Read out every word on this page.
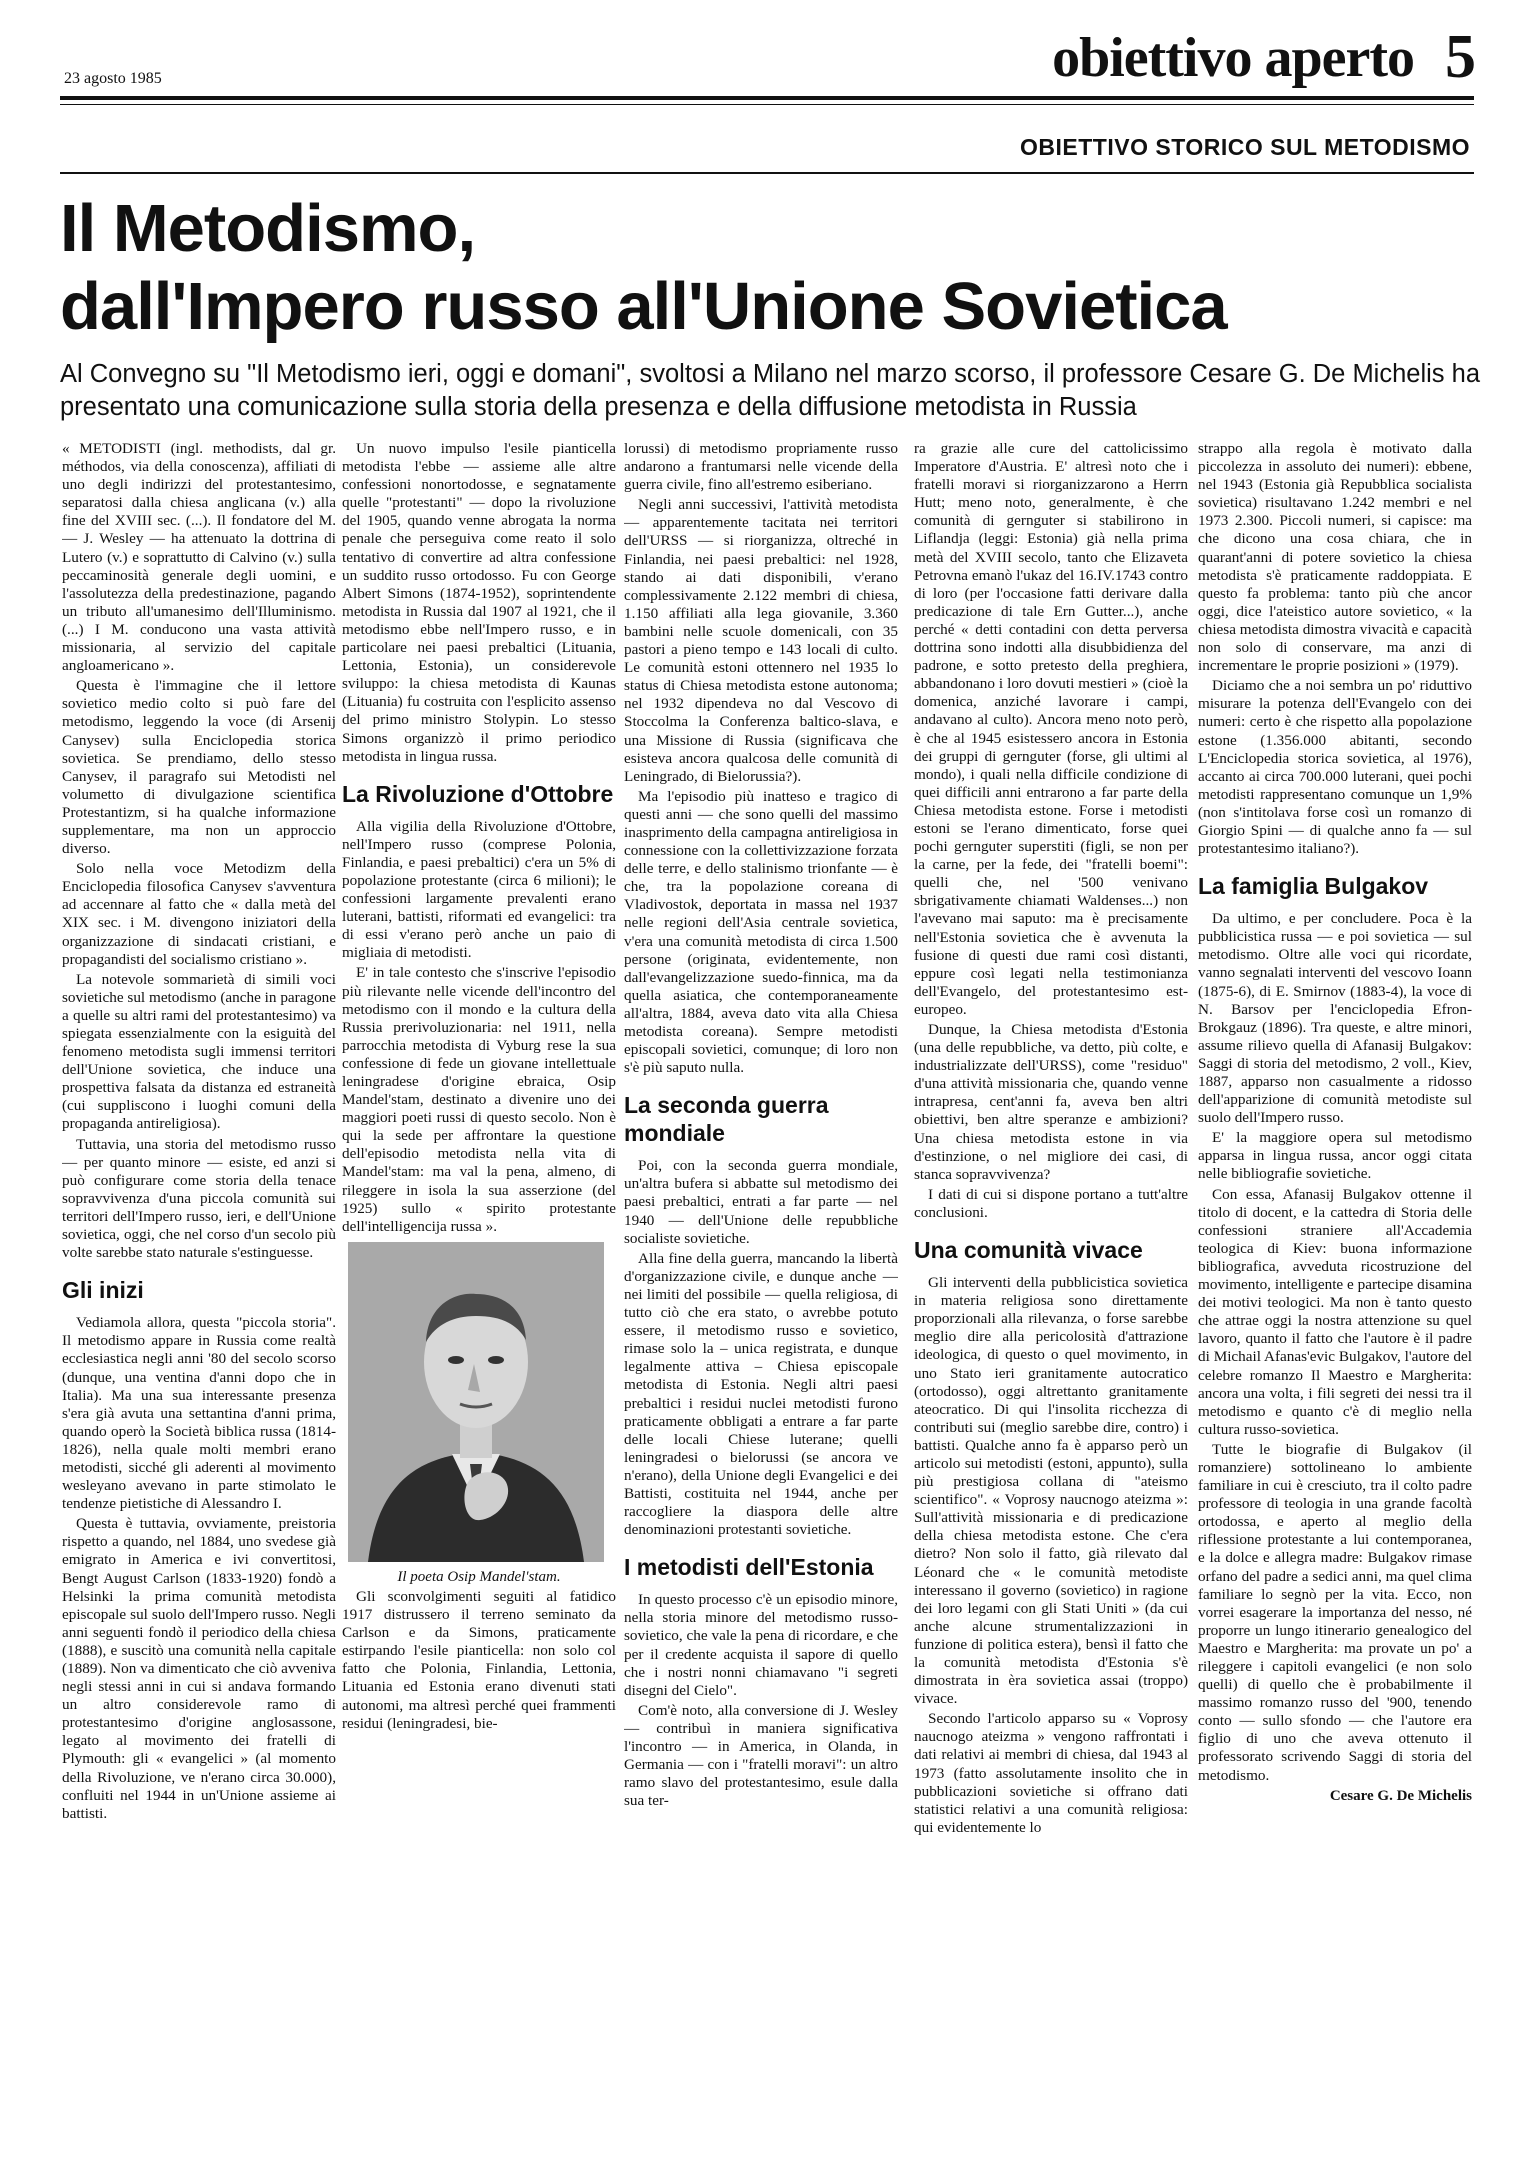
23 agosto 1985	obiettivo aperto 5
OBIETTIVO STORICO SUL METODISMO
Il Metodismo,
dall'Impero russo all'Unione Sovietica

Al Convegno su "Il Metodismo ieri, oggi e domani", svoltosi a Milano nel marzo scorso, il professore Cesare G. De Michelis ha presentato una comunicazione sulla storia della presenza e della diffusione metodista in Russia

« METODISTI (ingl. methodists, dal gr. méthodos, via della conoscenza), affiliati di uno degli indirizzi del protestantesimo, separatosi dalla chiesa anglicana (v.) alla fine del XVIII sec. (...). Il fondatore del M. — J. Wesley — ha attenuato la dottrina di Lutero (v.) e soprattutto di Calvino (v.) sulla peccaminosità generale degli uomini, e l'assolutezza della predestinazione, pagando un tributo all'umanesimo dell'Illuminismo. (...) I M. conducono una vasta attività missionaria, al servizio del capitale angloamericano ».

Questa è l'immagine che il lettore sovietico medio colto si può fare del metodismo, leggendo la voce (di Arsenij Canysev) sulla Enciclopedia storica sovietica. Se prendiamo, dello stesso Canysev, il paragrafo sui Metodisti nel volumetto di divulgazione scientifica Protestantizm, si ha qualche informazione supplementare, ma non un approccio diverso.

Solo nella voce Metodizm della Enciclopedia filosofica Canysev s'avventura ad accennare al fatto che « dalla metà del XIX sec. i M. divengono iniziatori della organizzazione di sindacati cristiani, e propagandisti del socialismo cristiano ».

La notevole sommarietà di simili voci sovietiche sul metodismo (anche in paragone a quelle su altri rami del protestantesimo) va spiegata essenzialmente con la esiguità del fenomeno metodista sugli immensi territori dell'Unione sovietica, che induce una prospettiva falsata da distanza ed estraneità (cui suppliscono i luoghi comuni della propaganda antireligiosa).

Tuttavia, una storia del metodismo russo — per quanto minore — esiste, ed anzi si può configurare come storia della tenace sopravvivenza d'una piccola comunità sui territori dell'Impero russo, ieri, e dell'Unione sovietica, oggi, che nel corso d'un secolo più volte sarebbe stato naturale s'estinguesse.

Gli inizi

Vediamola allora, questa "piccola storia". Il metodismo appare in Russia come realtà ecclesiastica negli anni '80 del secolo scorso (dunque, una ventina d'anni dopo che in Italia). Ma una sua interessante presenza s'era già avuta una settantina d'anni prima, quando operò la Società biblica russa (1814-1826), nella quale molti membri erano metodisti, sicché gli aderenti al movimento wesleyano avevano in parte stimolato le tendenze pietistiche di Alessandro I.

Questa è tuttavia, ovviamente, preistoria rispetto a quando, nel 1884, uno svedese già emigrato in America e ivi convertitosi, Bengt August Carlson (1833-1920) fondò a Helsinki la prima comunità metodista episcopale sul suolo dell'Impero russo. Negli anni seguenti fondò il periodico della chiesa (1888), e suscitò una comunità nella capitale (1889). Non va dimenticato che ciò avveniva negli stessi anni in cui si andava formando un altro considerevole ramo di protestantesimo d'origine anglosassone, legato al movimento dei fratelli di Plymouth: gli « evangelici » (al momento della Rivoluzione, ve n'erano circa 30.000), confluiti nel 1944 in un'Unione assieme ai battisti.

Un nuovo impulso l'esile pianticella metodista l'ebbe — assieme alle altre confessioni nonortodosse, e segnatamente quelle "protestanti" — dopo la rivoluzione del 1905, quando venne abrogata la norma penale che perseguiva come reato il solo tentativo di convertire ad altra confessione un suddito russo ortodosso. Fu con George Albert Simons (1874-1952), soprintendente metodista in Russia dal 1907 al 1921, che il metodismo ebbe nell'Impero russo, e in particolare nei paesi prebaltici (Lituania, Lettonia, Estonia), un considerevole sviluppo: la chiesa metodista di Kaunas (Lituania) fu costruita con l'esplicito assenso del primo ministro Stolypin. Lo stesso Simons organizzò il primo periodico metodista in lingua russa.

La Rivoluzione d'Ottobre

Alla vigilia della Rivoluzione d'Ottobre, nell'Impero russo (comprese Polonia, Finlandia, e paesi prebaltici) c'era un 5% di popolazione protestante (circa 6 milioni); le confessioni largamente prevalenti erano luterani, battisti, riformati ed evangelici: tra di essi v'erano però anche un paio di migliaia di metodisti.

E' in tale contesto che s'inscrive l'episodio più rilevante nelle vicende dell'incontro del metodismo con il mondo e la cultura della Russia prerivoluzionaria: nel 1911, nella parrocchia metodista di Vyburg rese la sua confessione di fede un giovane intellettuale leningradese d'origine ebraica, Osip Mandel'stam, destinato a divenire uno dei maggiori poeti russi di questo secolo. Non è qui la sede per affrontare la questione dell'episodio metodista nella vita di Mandel'stam: ma val la pena, almeno, di rileggere in isola la sua asserzione (del 1925) sullo « spirito protestante dell'intelligencija russa ».

Il poeta Osip Mandel'stam.

Gli sconvolgimenti seguiti al fatidico 1917 distrussero il terreno seminato da Carlson e da Simons, praticamente estirpando l'esile pianticella: non solo col fatto che Polonia, Finlandia, Lettonia, Lituania ed Estonia erano divenuti stati autonomi, ma altresì perché quei frammenti residui (leningradesi, bie-

lorussi) di metodismo propriamente russo andarono a frantumarsi nelle vicende della guerra civile, fino all'estremo esiberiano.

Negli anni successivi, l'attività metodista — apparentemente tacitata nei territori dell'URSS — si riorganizza, oltreché in Finlandia, nei paesi prebaltici: nel 1928, stando ai dati disponibili, v'erano complessivamente 2.122 membri di chiesa, 1.150 affiliati alla lega giovanile, 3.360 bambini nelle scuole domenicali, con 35 pastori a pieno tempo e 143 locali di culto. Le comunità estoni ottennero nel 1935 lo status di Chiesa metodista estone autonoma; nel 1932 dipendeva no dal Vescovo di Stoccolma la Conferenza baltico-slava, e una Missione di Russia (significava che esisteva ancora qualcosa delle comunità di Leningrado, di Bielorussia?).

Ma l'episodio più inatteso e tragico di questi anni — che sono quelli del massimo inasprimento della campagna antireligiosa in connessione con la collettivizzazione forzata delle terre, e dello stalinismo trionfante — è che, tra la popolazione coreana di Vladivostok, deportata in massa nel 1937 nelle regioni dell'Asia centrale sovietica, v'era una comunità metodista di circa 1.500 persone (originata, evidentemente, non dall'evangelizzazione suedo-finnica, ma da quella asiatica, che contemporaneamente all'altra, 1884, aveva dato vita alla Chiesa metodista coreana). Sempre metodisti episcopali sovietici, comunque; di loro non s'è più saputo nulla.

La seconda guerra mondiale

Poi, con la seconda guerra mondiale, un'altra bufera si abbatte sul metodismo dei paesi prebaltici, entrati a far parte — nel 1940 — dell'Unione delle repubbliche socialiste sovietiche.

Alla fine della guerra, mancando la libertà d'organizzazione civile, e dunque anche — nei limiti del possibile — quella religiosa, di tutto ciò che era stato, o avrebbe potuto essere, il metodismo russo e sovietico, rimase solo la – unica registrata, e dunque legalmente attiva – Chiesa episcopale metodista di Estonia. Negli altri paesi prebaltici i residui nuclei metodisti furono praticamente obbligati a entrare a far parte delle locali Chiese luterane; quelli leningradesi o bielorussi (se ancora ve n'erano), della Unione degli Evangelici e dei Battisti, costituita nel 1944, anche per raccogliere la diaspora delle altre denominazioni protestanti sovietiche.

I metodisti dell'Estonia

In questo processo c'è un episodio minore, nella storia minore del metodismo russo-sovietico, che vale la pena di ricordare, e che per il credente acquista il sapore di quello che i nostri nonni chiamavano "i segreti disegni del Cielo".

Com'è noto, alla conversione di J. Wesley — contribuì in maniera significativa l'incontro — in America, in Olanda, in Germania — con i "fratelli moravi": un altro ramo slavo del protestantesimo, esule dalla sua ter-

ra grazie alle cure del cattolicissimo Imperatore d'Austria. E' altresì noto che i fratelli moravi si riorganizzarono a Herrn Hutt; meno noto, generalmente, è che comunità di gernguter si stabilirono in Liflandja (leggi: Estonia) già nella prima metà del XVIII secolo, tanto che Elizaveta Petrovna emanò l'ukaz del 16.IV.1743 contro di loro (per l'occasione fatti derivare dalla predicazione di tale Ern Gutter...), anche perché « detti contadini con detta perversa dottrina sono indotti alla disubbidienza del padrone, e sotto pretesto della preghiera, abbandonano i loro dovuti mestieri » (cioè la domenica, anziché lavorare i campi, andavano al culto). Ancora meno noto però, è che al 1945 esistessero ancora in Estonia dei gruppi di gernguter (forse, gli ultimi al mondo), i quali nella difficile condizione di quei difficili anni entrarono a far parte della Chiesa metodista estone. Forse i metodisti estoni se l'erano dimenticato, forse quei pochi gernguter superstiti (figli, se non per la carne, per la fede, dei "fratelli boemi": quelli che, nel '500 venivano sbrigativamente chiamati Waldenses...) non l'avevano mai saputo: ma è precisamente nell'Estonia sovietica che è avvenuta la fusione di questi due rami così distanti, eppure così legati nella testimonianza dell'Evangelo, del protestantesimo est-europeo.

Dunque, la Chiesa metodista d'Estonia (una delle repubbliche, va detto, più colte, e industrializzate dell'URSS), come "residuo" d'una attività missionaria che, quando venne intrapresa, cent'anni fa, aveva ben altri obiettivi, ben altre speranze e ambizioni? Una chiesa metodista estone in via d'estinzione, o nel migliore dei casi, di stanca sopravvivenza?

I dati di cui si dispone portano a tutt'altre conclusioni.

Una comunità vivace

Gli interventi della pubblicistica sovietica in materia religiosa sono direttamente proporzionali alla rilevanza, o forse sarebbe meglio dire alla pericolosità d'attrazione ideologica, di questo o quel movimento, in uno Stato ieri granitamente autocratico (ortodosso), oggi altrettanto granitamente ateocratico. Di qui l'insolita ricchezza di contributi sui (meglio sarebbe dire, contro) i battisti. Qualche anno fa è apparso però un articolo sui metodisti (estoni, appunto), sulla più prestigiosa collana di "ateismo scientifico". « Voprosy naucnogo ateizma »: Sull'attività missionaria e di predicazione della chiesa metodista estone. Che c'era dietro? Non solo il fatto, già rilevato dal Léonard che « le comunità metodiste interessano il governo (sovietico) in ragione dei loro legami con gli Stati Uniti » (da cui anche alcune strumentalizzazioni in funzione di politica estera), bensì il fatto che la comunità metodista d'Estonia s'è dimostrata in èra sovietica assai (troppo) vivace.

Secondo l'articolo apparso su « Voprosy naucnogo ateizma » vengono raffrontati i dati relativi ai membri di chiesa, dal 1943 al 1973 (fatto assolutamente insolito che in pubblicazioni sovietiche si offrano dati statistici relativi a una comunità religiosa: qui evidentemente lo

strappo alla regola è motivato dalla piccolezza in assoluto dei numeri): ebbene, nel 1943 (Estonia già Repubblica socialista sovietica) risultavano 1.242 membri e nel 1973 2.300. Piccoli numeri, si capisce: ma che dicono una cosa chiara, che in quarant'anni di potere sovietico la chiesa metodista s'è praticamente raddoppiata. E questo fa problema: tanto più che ancor oggi, dice l'ateistico autore sovietico, « la chiesa metodista dimostra vivacità e capacità non solo di conservare, ma anzi di incrementare le proprie posizioni » (1979).

Diciamo che a noi sembra un po' riduttivo misurare la potenza dell'Evangelo con dei numeri: certo è che rispetto alla popolazione estone (1.356.000 abitanti, secondo L'Enciclopedia storica sovietica, al 1976), accanto ai circa 700.000 luterani, quei pochi metodisti rappresentano comunque un 1,9% (non s'intitolava forse così un romanzo di Giorgio Spini — di qualche anno fa — sul protestantesimo italiano?).

La famiglia Bulgakov

Da ultimo, e per concludere. Poca è la pubblicistica russa — e poi sovietica — sul metodismo. Oltre alle voci qui ricordate, vanno segnalati interventi del vescovo Ioann (1875-6), di E. Smirnov (1883-4), la voce di N. Barsov per l'enciclopedia Efron-Brokgauz (1896). Tra queste, e altre minori, assume rilievo quella di Afanasij Bulgakov: Saggi di storia del metodismo, 2 voll., Kiev, 1887, apparso non casualmente a ridosso dell'apparizione di comunità metodiste sul suolo dell'Impero russo.

E' la maggiore opera sul metodismo apparsa in lingua russa, ancor oggi citata nelle bibliografie sovietiche.

Con essa, Afanasij Bulgakov ottenne il titolo di docent, e la cattedra di Storia delle confessioni straniere all'Accademia teologica di Kiev: buona informazione bibliografica, avveduta ricostruzione del movimento, intelligente e partecipe disamina dei motivi teologici. Ma non è tanto questo che attrae oggi la nostra attenzione su quel lavoro, quanto il fatto che l'autore è il padre di Michail Afanas'evic Bulgakov, l'autore del celebre romanzo Il Maestro e Margherita: ancora una volta, i fili segreti dei nessi tra il metodismo e quanto c'è di meglio nella cultura russo-sovietica.

Tutte le biografie di Bulgakov (il romanziere) sottolineano lo ambiente familiare in cui è cresciuto, tra il colto padre professore di teologia in una grande facoltà ortodossa, e aperto al meglio della riflessione protestante a lui contemporanea, e la dolce e allegra madre: Bulgakov rimase orfano del padre a sedici anni, ma quel clima familiare lo segnò per la vita. Ecco, non vorrei esagerare la importanza del nesso, né proporre un lungo itinerario genealogico del Maestro e Margherita: ma provate un po' a rileggere i capitoli evangelici (e non solo quelli) di quello che è probabilmente il massimo romanzo russo del '900, tenendo conto — sullo sfondo — che l'autore era figlio di uno che aveva ottenuto il professorato scrivendo Saggi di storia del metodismo.

Cesare G. De Michelis
